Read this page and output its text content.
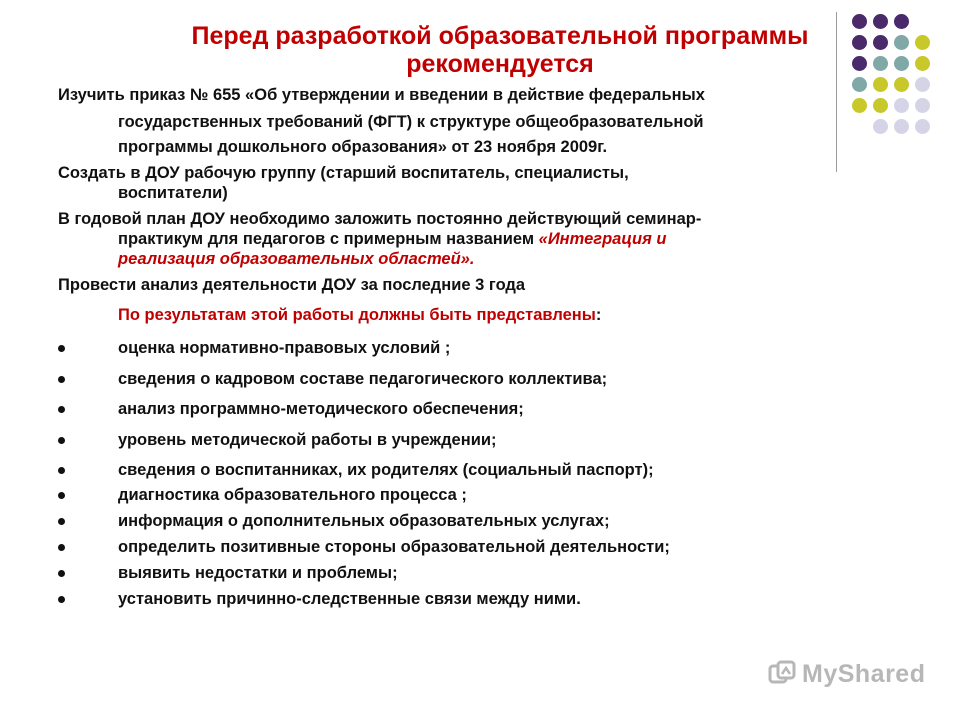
Перед разработкой образовательной программы
рекомендуется

Изучить приказ № 655 «Об утверждении и введении в действие федеральных

государственных требований (ФГТ) к структуре общеобразовательной

программы дошкольного образования» от 23 ноября 2009г.

Создать в ДОУ рабочую группу (старший воспитатель, специалисты,

воспитатели)

В годовой план ДОУ необходимо заложить постоянно действующий семинар-

практикум для педагогов с примерным названием «Интеграция и

реализация образовательных областей».

Провести анализ деятельности ДОУ за последние 3 года

По результатам этой работы должны быть представлены:

оценка нормативно-правовых условий ;

сведения о кадровом составе педагогического коллектива;

анализ программно-методического обеспечения;

уровень методической работы в учреждении;

сведения о воспитанниках, их родителях (социальный паспорт);

диагностика образовательного процесса ;

информация о дополнительных образовательных услугах;

определить позитивные стороны образовательной деятельности;

выявить недостатки и проблемы;

установить причинно-следственные связи между ними.

MyShared
